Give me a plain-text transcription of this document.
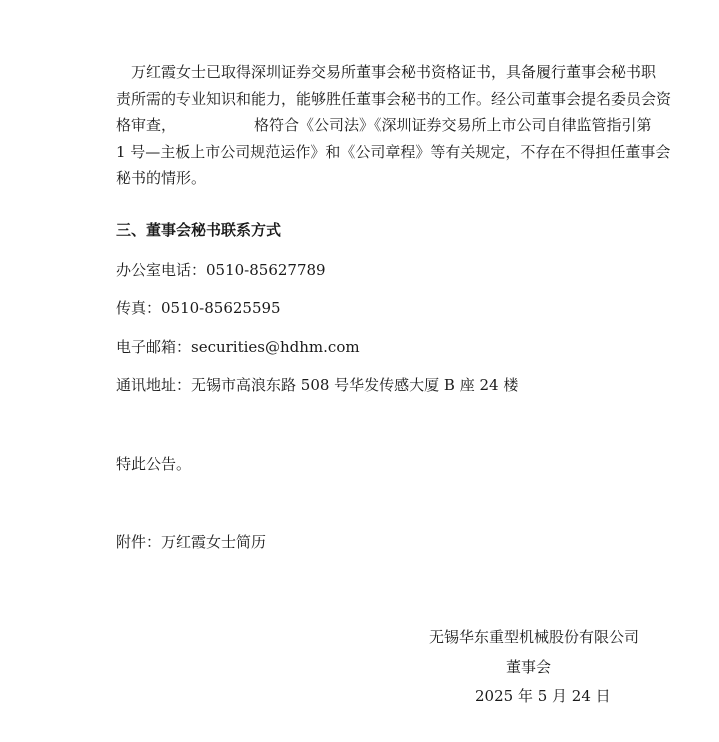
万红霞女士已取得深圳证券交易所董事会秘书资格证书，具备履行董事会秘书职
责所需的专业知识和能力，能够胜任董事会秘书的工作。经公司董事会提名委员会资
格审查，	格符合《公司法》《深圳证券交易所上市公司自律监管指引第
1 号—主板上市公司规范运作》和《公司章程》等有关规定，不存在不得担任董事会
秘书的情形。
三、董事会秘书联系方式
办公室电话：0510-85627789
传真：0510-85625595
电子邮箱：securities@hdhm.com
通讯地址：无锡市高浪东路 508 号华发传感大厦 B 座 24 楼
特此公告。
附件：万红霞女士简历
无锡华东重型机械股份有限公司
董事会
2025 年 5 月 24 日
